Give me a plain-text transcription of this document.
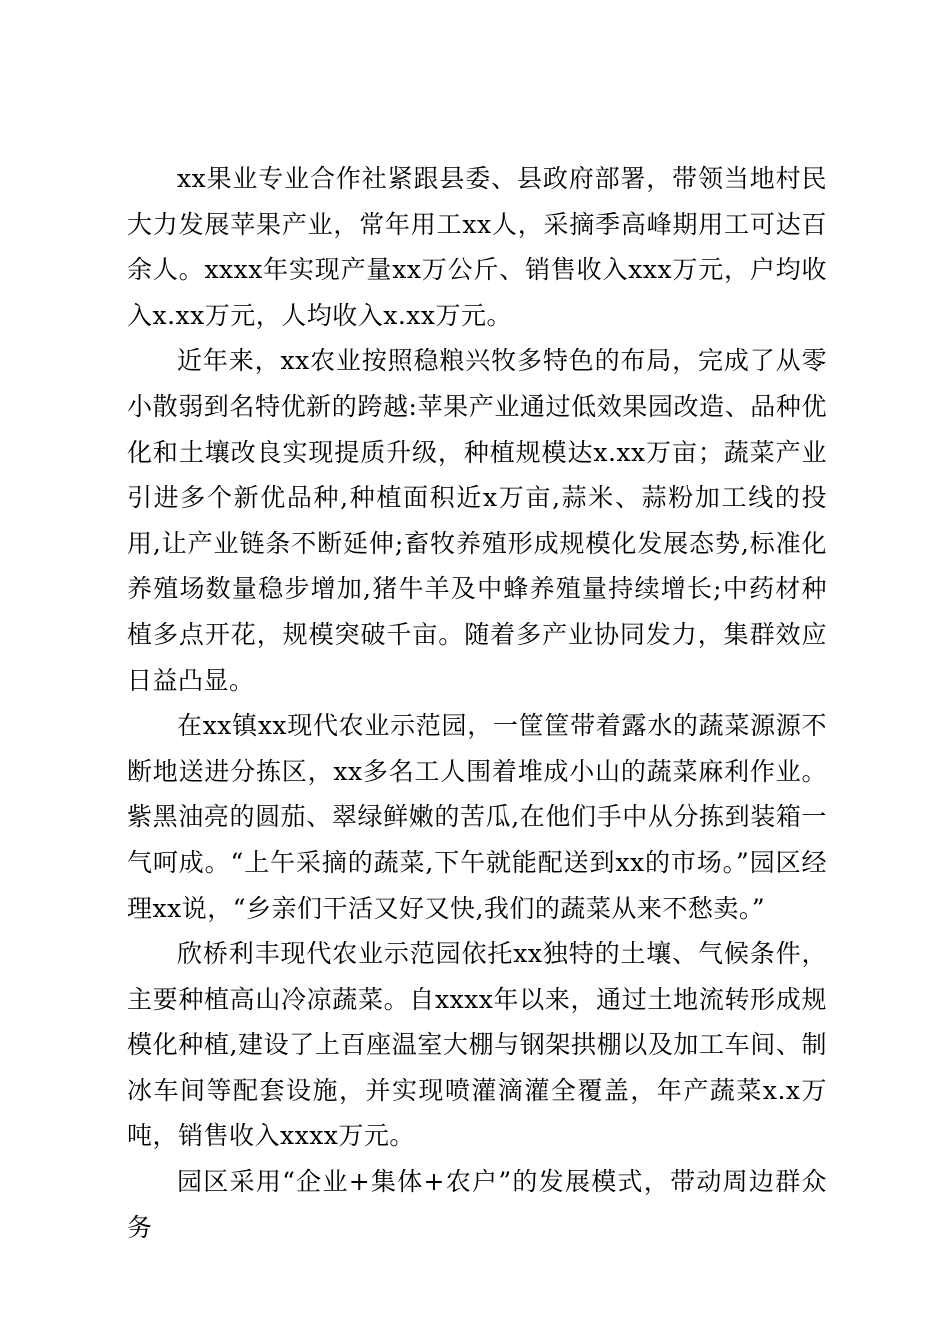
xx果业专业合作社紧跟县委、县政府部署，带领当地村民大力发展苹果产业，常年用工xx人，采摘季高峰期用工可达百余人。xxxx年实现产量xx万公斤、销售收入xxx万元，户均收入x.xx万元，人均收入x.xx万元。

近年来，xx农业按照稳粮兴牧多特色的布局，完成了从零小散弱到名特优新的跨越:苹果产业通过低效果园改造、品种优化和土壤改良实现提质升级，种植规模达x.xx万亩；蔬菜产业引进多个新优品种,种植面积近x万亩,蒜米、蒜粉加工线的投用,让产业链条不断延伸;畜牧养殖形成规模化发展态势,标准化养殖场数量稳步增加,猪牛羊及中蜂养殖量持续增长;中药材种植多点开花，规模突破千亩。随着多产业协同发力，集群效应日益凸显。

在xx镇xx现代农业示范园，一筐筐带着露水的蔬菜源源不断地送进分拣区，xx多名工人围着堆成小山的蔬菜麻利作业。紫黑油亮的圆茄、翠绿鲜嫩的苦瓜,在他们手中从分拣到装箱一气呵成。“上午采摘的蔬菜,下午就能配送到xx的市场。”园区经理xx说，“乡亲们干活又好又快,我们的蔬菜从来不愁卖。”

欣桥利丰现代农业示范园依托xx独特的土壤、气候条件，主要种植高山冷凉蔬菜。自xxxx年以来，通过土地流转形成规模化种植,建设了上百座温室大棚与钢架拱棚以及加工车间、制冰车间等配套设施，并实现喷灌滴灌全覆盖，年产蔬菜x.x万吨，销售收入xxxx万元。

园区采用“企业+集体+农户”的发展模式，带动周边群众务
